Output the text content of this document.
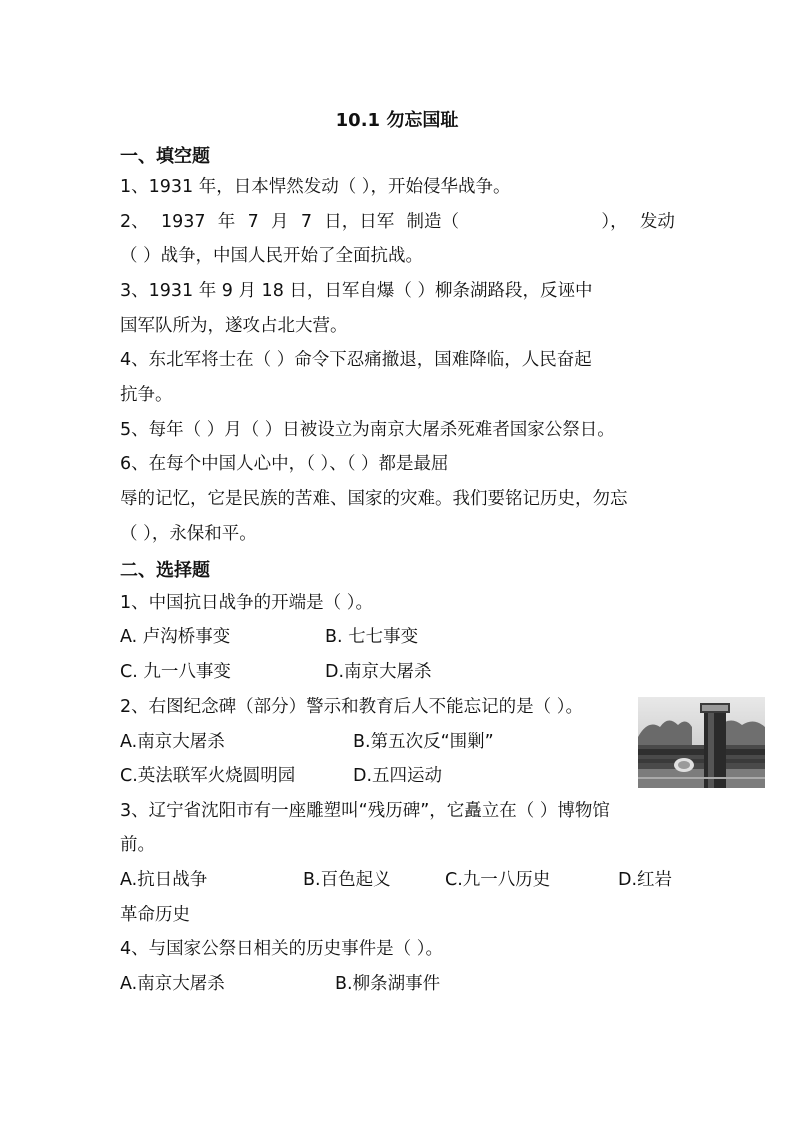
10.1 勿忘国耻
一、填空题
1、1931 年，日本悍然发动（ ），开始侵华战争。
2、 1937 年 7 月 7 日，日军 制造（	）， 发动
（ ）战争，中国人民开始了全面抗战。
3、1931 年 9 月 18 日，日军自爆（ ）柳条湖路段，反诬中
国军队所为，遂攻占北大营。
4、东北军将士在（ ）命令下忍痛撤退，国难降临，人民奋起
抗争。
5、每年（ ）月（ ）日被设立为南京大屠杀死难者国家公祭日。
6、在每个中国人心中，（ ）、（ ）都是最屈
辱的记忆，它是民族的苦难、国家的灾难。我们要铭记历史，勿忘
（ ），永保和平。
二、选择题
1、中国抗日战争的开端是（ ）。
A. 卢沟桥事变	B. 七七事变
C. 九一八事变	D.南京大屠杀
2、右图纪念碑（部分）警示和教育后人不能忘记的是（ ）。
A.南京大屠杀	B.第五次反“围剿”
C.英法联军火烧圆明园	D.五四运动
3、辽宁省沈阳市有一座雕塑叫“残历碑”，它矗立在（ ）博物馆
前。
A.抗日战争	B.百色起义	C.九一八历史	D.红岩
革命历史
4、与国家公祭日相关的历史事件是（ ）。
A.南京大屠杀	B.柳条湖事件
